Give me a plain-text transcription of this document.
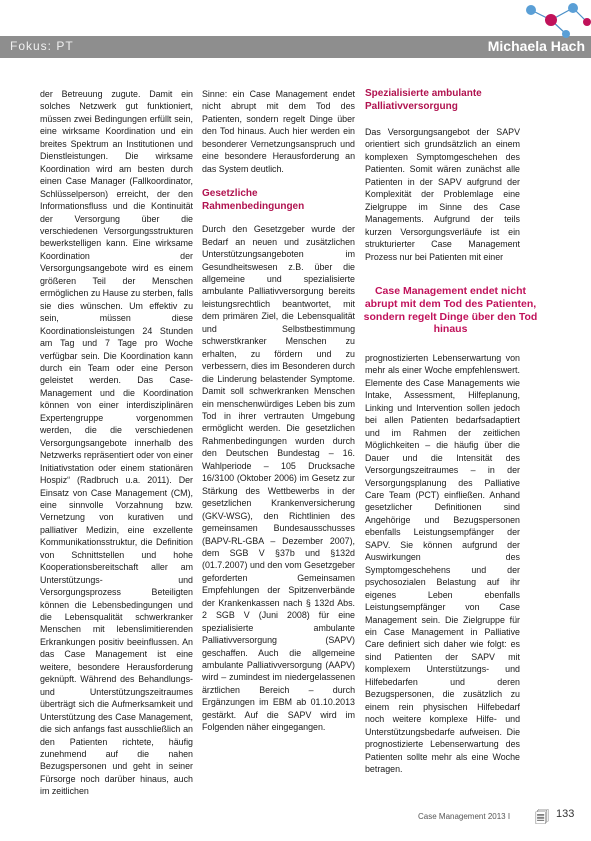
Fokus: PT	Michaela Hach

der Betreuung zugute. Damit ein solches Netzwerk gut funktioniert, müssen zwei Bedingungen erfüllt sein, eine wirksame Koordination und ein breites Spektrum an Institutionen und Dienstleistungen. Die wirksame Koordination wird am besten durch einen Case Manager (Fallkoordinator, Schlüsselperson) erreicht, der den Informationsfluss und die Kontinuität der Versorgung über die verschiedenen Versorgungsstrukturen bewerkstelligen kann. Eine wirksame Koordination der Versorgungsangebote wird es einem größeren Teil der Menschen ermöglichen zu Hause zu sterben, falls sie dies wünschen. Um effektiv zu sein, müssen diese Koordinationsleistungen 24 Stunden am Tag und 7 Tage pro Woche verfügbar sein. Die Koordination kann durch ein Team oder eine Person geleistet werden. Das Case-Management und die Koordination können von einer interdisziplinären Expertengruppe vorgenommen werden, die die verschiedenen Versorgungsangebote innerhalb des Netzwerks repräsentiert oder von einer Initiativstation oder einem stationären Hospiz“ (Radbruch u.a. 2011). Der Einsatz von Case Management (CM), eine sinnvolle Vorzahnung bzw. Vernetzung von kurativen und palliativer Medizin, eine exzellente Kommunikationsstruktur, die Definition von Schnittstellen und hohe Kooperationsbereitschaft aller am Unterstützungs- und Versorgungsprozess Beteiligten können die Lebensbedingungen und die Lebensqualität schwerkranker Menschen mit lebenslimitierenden Erkrankungen positiv beeinflussen. An das Case Management ist eine weitere, besondere Herausforderung geknüpft. Während des Behandlungs- und Unterstützungszeitraumes überträgt sich die Aufmerksamkeit und Unterstützung des Case Management, die sich anfangs fast ausschließlich an den Patienten richtete, häufig zunehmend auf die nahen Bezugspersonen und geht in seiner Fürsorge noch darüber hinaus, auch im zeitlichen

Sinne: ein Case Management endet nicht abrupt mit dem Tod des Patienten, sondern regelt Dinge über den Tod hinaus. Auch hier werden ein besonderer Vernetzungsanspruch und eine besondere Herausforderung an das System deutlich.

Gesetzliche Rahmenbedingungen

Durch den Gesetzgeber wurde der Bedarf an neuen und zusätzlichen Unterstützungsangeboten im Gesundheitswesen z.B. über die allgemeine und spezialisierte ambulante Palliativversorgung bereits leistungsrechtlich beantwortet, mit dem primären Ziel, die Lebensqualität und Selbstbestimmung schwerstkranker Menschen zu erhalten, zu fördern und zu verbessern, dies im Besonderen durch die Linderung belastender Symptome. Damit soll schwerkranken Menschen ein menschenwürdiges Leben bis zum Tod in ihrer vertrauten Umgebung ermöglicht werden. Die gesetzlichen Rahmenbedingungen wurden durch den Deutschen Bundestag – 16. Wahlperiode – 105 Drucksache 16/3100 (Oktober 2006) im Gesetz zur Stärkung des Wettbewerbs in der gesetzlichen Krankenversicherung (GKV-WSG), den Richtlinien des gemeinsamen Bundesausschusses (BAPV-RL-GBA – Dezember 2007), dem SGB V §37b und §132d (01.7.2007) und den vom Gesetzgeber geforderten Gemeinsamen Empfehlungen der Spitzenverbände der Krankenkassen nach § 132d Abs. 2 SGB V (Juni 2008) für eine spezialisierte ambulante Palliativversorgung (SAPV) geschaffen. Auch die allgemeine ambulante Palliativversorgung (AAPV) wird – zumindest im niedergelassenen ärztlichen Bereich – durch Ergänzungen im EBM ab 01.10.2013 gestärkt. Auf die SAPV wird im Folgenden näher eingegangen.

Spezialisierte ambulante Palliativversorgung

Das Versorgungsangebot der SAPV orientiert sich grundsätzlich an einem komplexen Symptomgeschehen des Patienten. Somit wären zunächst alle Patienten in der SAPV aufgrund der Komplexität der Problemlage eine Zielgruppe im Sinne des Case Managements. Aufgrund der teils kurzen Versorgungsverläufe ist ein strukturierter Case Management Prozess nur bei Patienten mit einer

Case Management endet nicht abrupt mit dem Tod des Patienten, sondern regelt Dinge über den Tod hinaus

prognostizierten Lebenserwartung von mehr als einer Woche empfehlenswert. Elemente des Case Managements wie Intake, Assessment, Hilfeplanung, Linking und Intervention sollen jedoch bei allen Patienten bedarfsadaptiert und im Rahmen der zeitlichen Möglichkeiten – die häufig über die Dauer und die Intensität des Versorgungszeitraumes – in der Versorgungsplanung des Palliative Care Team (PCT) einfließen. Anhand gesetzlicher Definitionen sind Angehörige und Bezugspersonen ebenfalls Leistungsempfänger der SAPV. Sie können aufgrund der Auswirkungen des Symptomgeschehens und der psychosozialen Belastung auf ihr eigenes Leben ebenfalls Leistungsempfänger von Case Management sein. Die Zielgruppe für ein Case Management in Palliative Care definiert sich daher wie folgt: es sind Patienten der SAPV mit komplexem Unterstützungs- und Hilfebedarfen und deren Bezugspersonen, die zusätzlich zu einem rein physischen Hilfebedarf noch weitere komplexe Hilfe- und Unterstützungsbedarfe aufweisen. Die prognostizierte Lebenserwartung des Patienten sollte mehr als eine Woche betragen.

Case Management 2013 I 🗐 133
